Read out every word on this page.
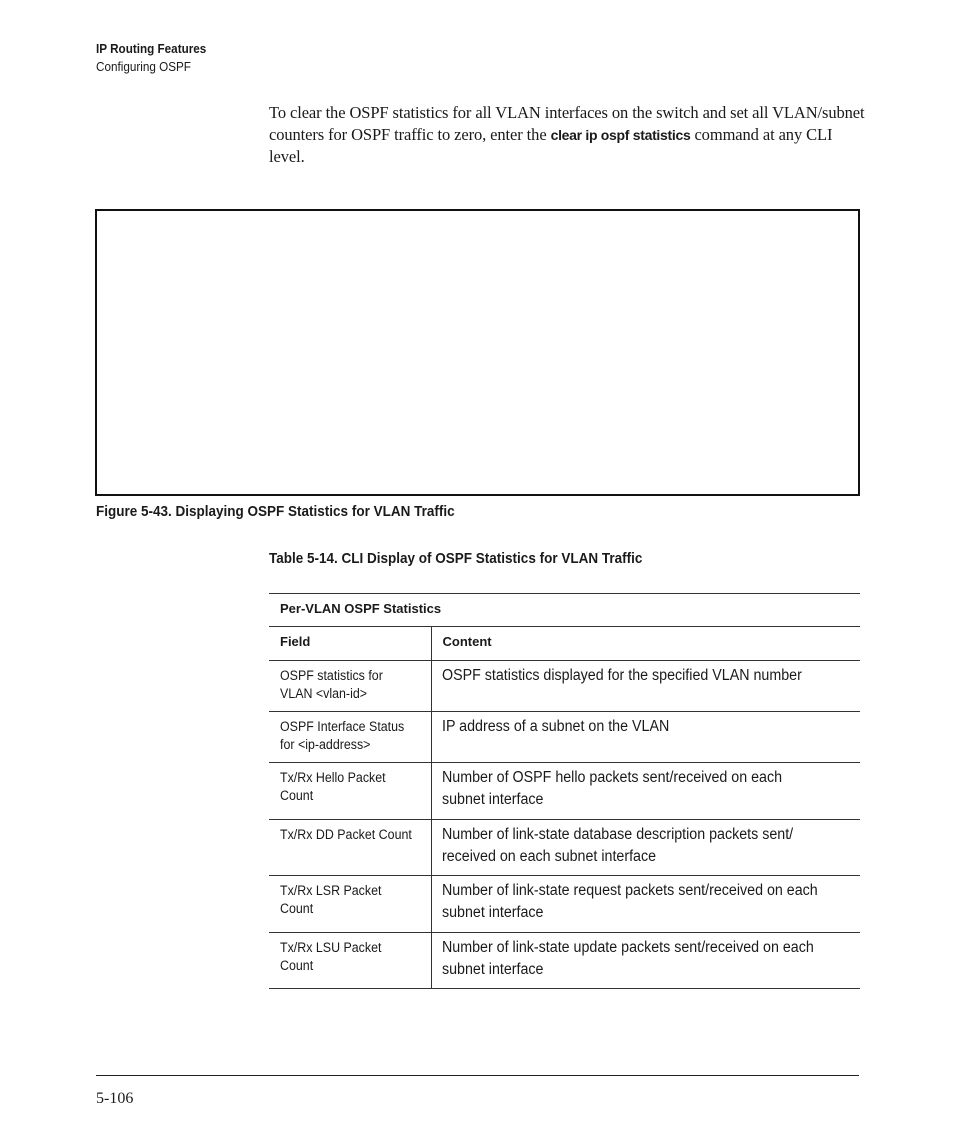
IP Routing Features
Configuring OSPF

To clear the OSPF statistics for all VLAN interfaces on the switch and set all VLAN/subnet counters for OSPF traffic to zero, enter the clear ip ospf statistics command at any CLI level.

Figure 5-43. Displaying OSPF Statistics for VLAN Traffic
Table 5-14. CLI Display of OSPF Statistics for VLAN Traffic
Per-VLAN OSPF Statistics	
Field	Content
OSPF statistics for VLAN <vlan-id>	OSPF statistics displayed for the specified VLAN number
OSPF Interface Status for <ip-address>	IP address of a subnet on the VLAN
Tx/Rx Hello Packet Count	Number of OSPF hello packets sent/received on each subnet interface
Tx/Rx DD Packet Count	Number of link-state database description packets sent/ received on each subnet interface
Tx/Rx LSR Packet Count	Number of link-state request packets sent/received on each subnet interface
Tx/Rx LSU Packet Count	Number of link-state update packets sent/received on each subnet interface
5-106
